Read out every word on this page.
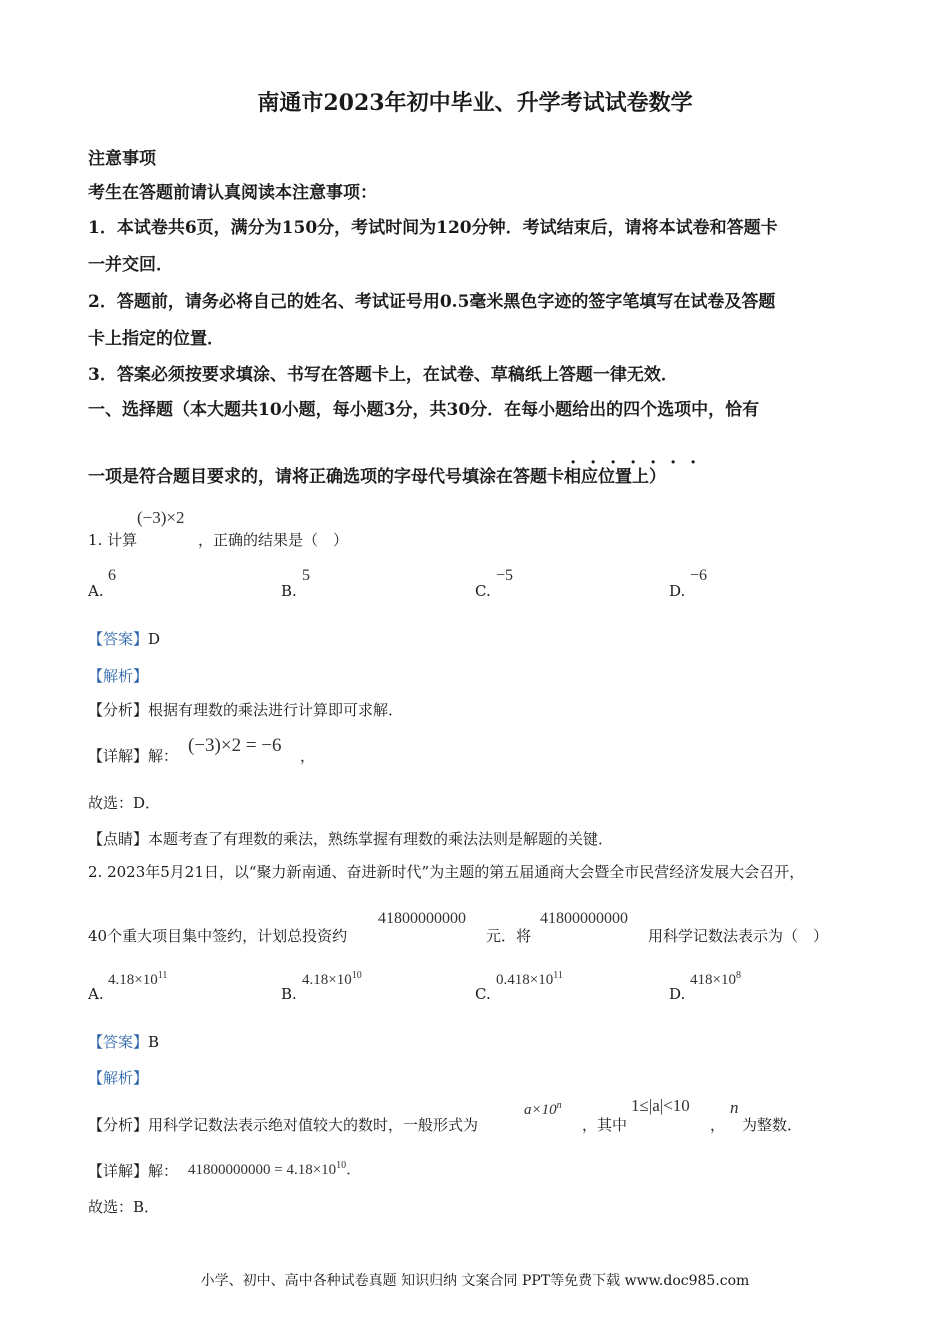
南通市2023年初中毕业、升学考试试卷数学
注意事项
考生在答题前请认真阅读本注意事项：
1．本试卷共6页，满分为150分，考试时间为120分钟．考试结束后，请将本试卷和答题卡
一并交回．
2．答题前，请务必将自己的姓名、考试证号用0.5毫米黑色字迹的签字笔填写在试卷及答题
卡上指定的位置．
3．答案必须按要求填涂、书写在答题卡上，在试卷、草稿纸上答题一律无效．
一、选择题（本大题共10小题，每小题3分，共30分．在每小题给出的四个选项中，恰有
· · · · · · ·
一项是符合题目要求的，请将正确选项的字母代号填涂在答题卡相应位置上）
1. 计算
(−3)×2
，正确的结果是（　）
A.
6
B.
5
C.
−5
D.
−6
【答案】D
【解析】
【分析】根据有理数的乘法进行计算即可求解．
【详解】解： (−3)×2 = −6 ，
故选：D．
【点睛】本题考查了有理数的乘法，熟练掌握有理数的乘法法则是解题的关键．
2. 2023年5月21日，以“聚力新南通、奋进新时代”为主题的第五届通商大会暨全市民营经济发展大会召开，
40个重大项目集中签约，计划总投资约
41800000000
元．将
41800000000
用科学记数法表示为（　）
A.
$4.18\times 10^{11}$
B.
$4.18\times 10^{10}$
C.
$0.418\times 10^{11}$
D.
$418\times 10^8$
【答案】B
【解析】
【分析】用科学记数法表示绝对值较大的数时，一般形式为
$a\times 10^n$
，其中
1≤|a|<10
，
n
为整数．
【详解】解： $41800000000 = 4.18\times 10^{10}$．
故选：B．
小学、初中、高中各种试卷真题 知识归纳 文案合同 PPT等免费下载 www.doc985.com
